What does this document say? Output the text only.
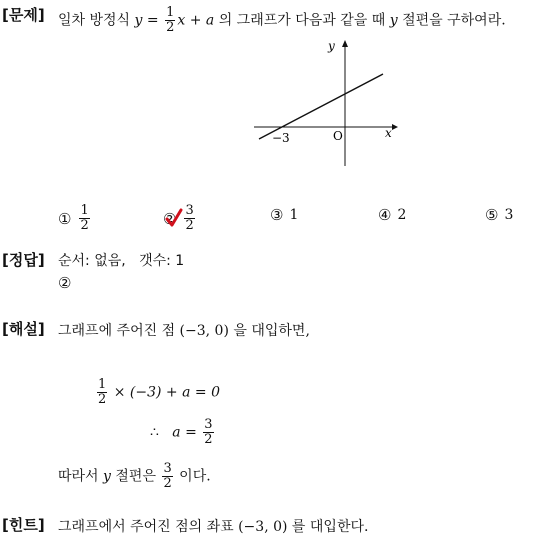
[문제] 일차 방정식 $y = \frac{1}{2}$ x + a 의 그래프가 다음과 같을 때 y 절편을 구하여라.
y
x
O
−3
① $\frac{1}{2}$	② $\frac{3}{2}$	③ 1	④ 2	⑤ 3
[정답] 순서: 없음,   갯수: 1
②
[해설] 그래프에 주어진 점 (−3, 0) 을 대입하면,
$\frac{1}{2} \times (-3) + a = 0$
∴ $a = \frac{3}{2}$
따라서 y 절편은 $\frac{3}{2}$ 이다.
[힌트] 그래프에서 주어진 점의 좌표 (−3, 0) 를 대입한다.
